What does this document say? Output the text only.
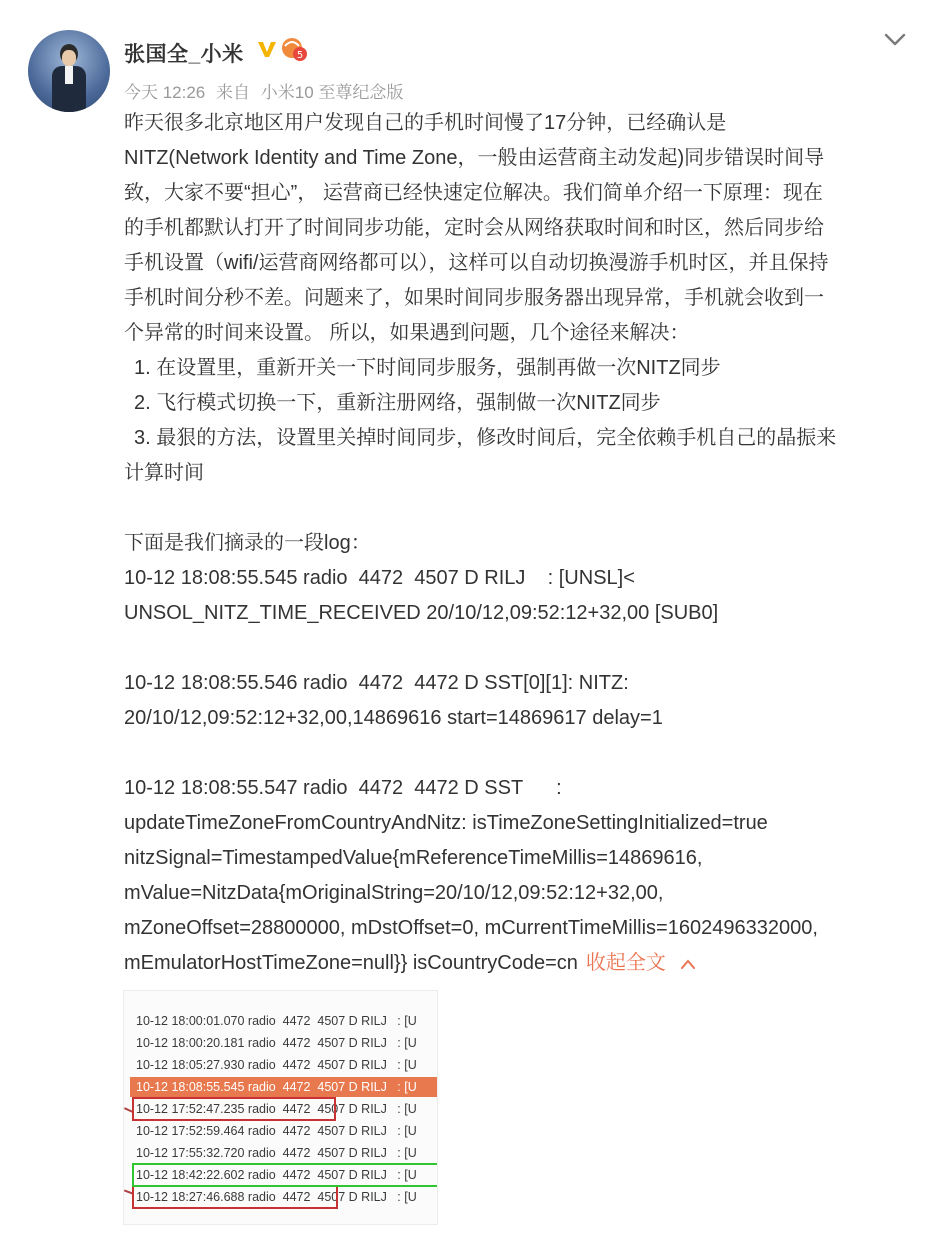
张国全_小米	5
今天 12:26 来自 小米10 至尊纪念版

昨天很多北京地区用户发现自己的手机时间慢了17分钟，已经确认是

NITZ(Network Identity and Time Zone，一般由运营商主动发起)同步错误时间导

致，大家不要“担心”， 运营商已经快速定位解决。我们简单介绍一下原理：现在

的手机都默认打开了时间同步功能，定时会从网络获取时间和时区，然后同步给

手机设置（wifi/运营商网络都可以），这样可以自动切换漫游手机时区，并且保持

手机时间分秒不差。问题来了，如果时间同步服务器出现异常，手机就会收到一

个异常的时间来设置。 所以，如果遇到问题，几个途径来解决：

1. 在设置里，重新开关一下时间同步服务，强制再做一次NITZ同步

2. 飞行模式切换一下，重新注册网络，强制做一次NITZ同步

3. 最狠的方法，设置里关掉时间同步，修改时间后，完全依赖手机自己的晶振来

计算时间

下面是我们摘录的一段log：

10-12 18:08:55.545 radio  4472  4507 D RILJ    : [UNSL]<

UNSOL_NITZ_TIME_RECEIVED 20/10/12,09:52:12+32,00 [SUB0]

10-12 18:08:55.546 radio  4472  4472 D SST[0][1]: NITZ:

20/10/12,09:52:12+32,00,14869616 start=14869617 delay=1

10-12 18:08:55.547 radio  4472  4472 D SST      :

updateTimeZoneFromCountryAndNitz: isTimeZoneSettingInitialized=true

nitzSignal=TimestampedValue{mReferenceTimeMillis=14869616,

mValue=NitzData{mOriginalString=20/10/12,09:52:12+32,00,

mZoneOffset=28800000, mDstOffset=0, mCurrentTimeMillis=1602496332000,

mEmulatorHostTimeZone=null}} isCountryCode=cn 收起全文

10-12 18:00:01.070 radio  4472  4507 D RILJ   : [U
10-12 18:00:20.181 radio  4472  4507 D RILJ   : [U
10-12 18:05:27.930 radio  4472  4507 D RILJ   : [U
10-12 18:08:55.545 radio  4472  4507 D RILJ   : [U
10-12 17:52:47.235 radio  4472  4507 D RILJ   : [U
10-12 17:52:59.464 radio  4472  4507 D RILJ   : [U
10-12 17:55:32.720 radio  4472  4507 D RILJ   : [U
10-12 18:42:22.602 radio  4472  4507 D RILJ   : [U
10-12 18:27:46.688 radio  4472  4507 D RILJ   : [U
